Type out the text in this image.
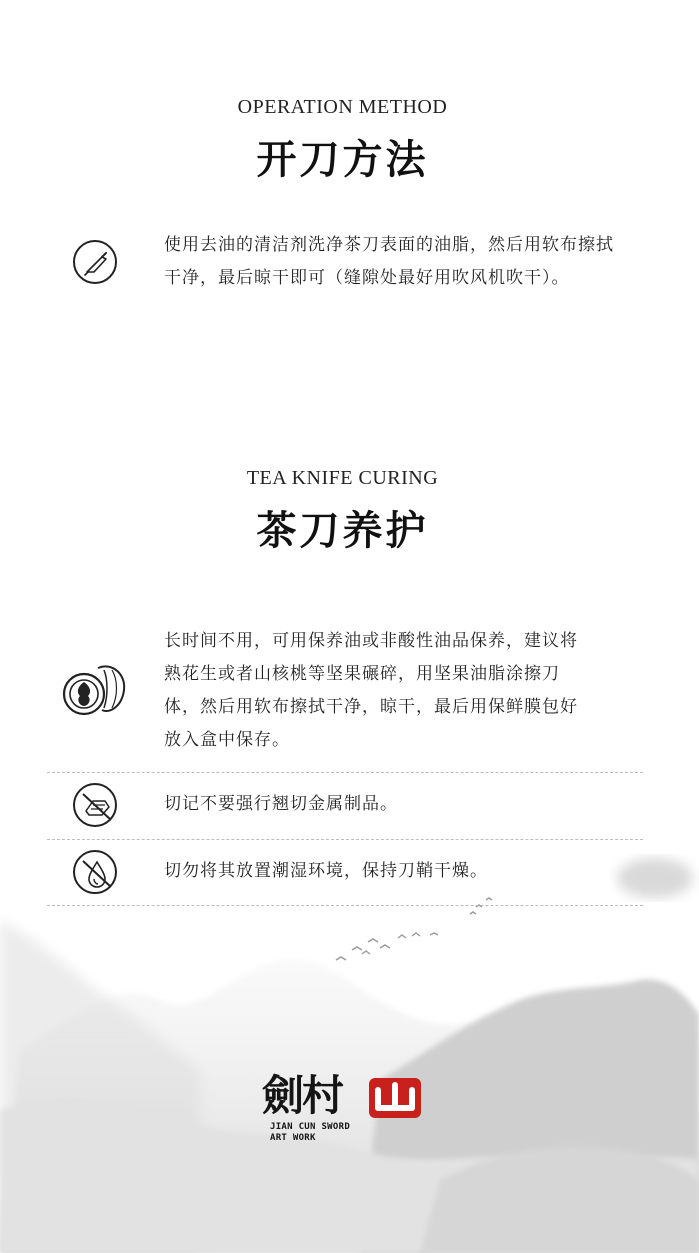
OPERATION METHOD
开刀方法
使用去油的清洁剂洗净茶刀表面的油脂，然后用软布擦拭
干净，最后晾干即可（缝隙处最好用吹风机吹干）。
TEA KNIFE CURING
茶刀养护
长时间不用，可用保养油或非酸性油品保养，建议将
熟花生或者山核桃等坚果碾碎，用坚果油脂涂擦刀
体，然后用软布擦拭干净，晾干，最后用保鲜膜包好
放入盒中保存。
切记不要强行翘切金属制品。
切勿将其放置潮湿环境，保持刀鞘干燥。
劍村
JIAN CUN SWORD
ART WORK
